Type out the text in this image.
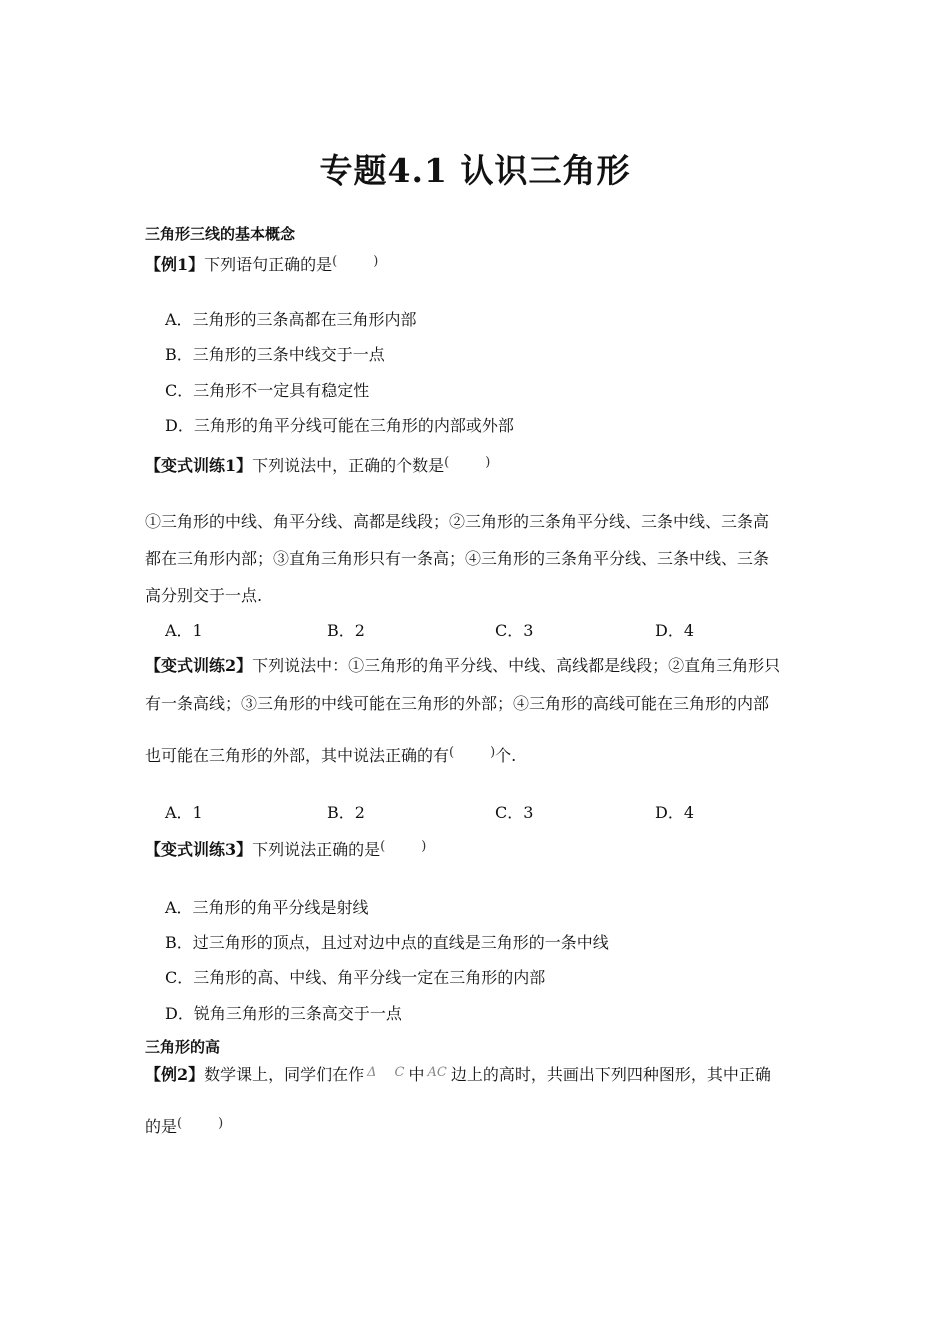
专题4.1 认识三角形
三角形三线的基本概念
【例1】下列语句正确的是(	)
A．三角形的三条高都在三角形内部
B．三角形的三条中线交于一点
C．三角形不一定具有稳定性
D．三角形的角平分线可能在三角形的内部或外部
【变式训练1】下列说法中，正确的个数是(	)
①三角形的中线、角平分线、高都是线段；②三角形的三条角平分线、三条中线、三条高
都在三角形内部；③直角三角形只有一条高；④三角形的三条角平分线、三条中线、三条
高分别交于一点.
A．1	B．2	C．3	D．4
【变式训练2】下列说法中：①三角形的角平分线、中线、高线都是线段；②直角三角形只
有一条高线；③三角形的中线可能在三角形的外部；④三角形的高线可能在三角形的内部
也可能在三角形的外部，其中说法正确的有(	)个.
A．1	B．2	C．3	D．4
【变式训练3】下列说法正确的是(	)
A．三角形的角平分线是射线
B．过三角形的顶点，且过对边中点的直线是三角形的一条中线
C．三角形的高、中线、角平分线一定在三角形的内部
D．锐角三角形的三条高交于一点
三角形的高
【例2】数学课上，同学们在作 $^\Delta$ $^C$ 中 $^{AC}$ 边上的高时，共画出下列四种图形，其中正确
的是(	)
